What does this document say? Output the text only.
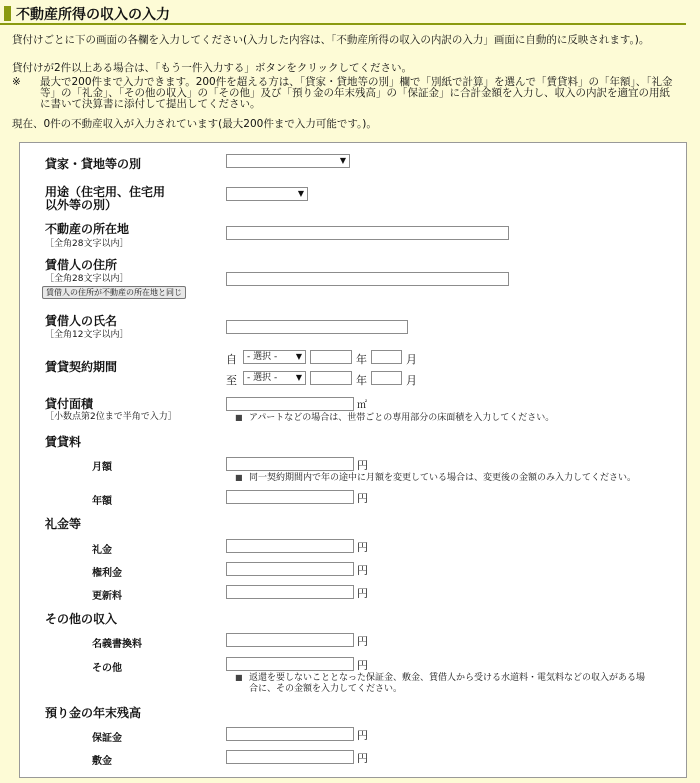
不動産所得の収入の入力
貸付けごとに下の画面の各欄を入力してください(入力した内容は、「不動産所得の収入の内訳の入力」画面に自動的に反映されます。)。
貸付けが2件以上ある場合は、「もう一件入力する」ボタンをクリックしてください。
※ 最大で200件まで入力できます。200件を超える方は、「貸家・貸地等の別」欄で「別紙で計算」を選んで「賃貸料」の「年額」、「礼金等」の「礼金」、「その他の収入」の「その他」及び「預り金の年末残高」の「保証金」に合計金額を入力し、収入の内訳を適宜の用紙に書いて決算書に添付して提出してください。
現在、0件の不動産収入が入力されています(最大200件まで入力可能です。)。
貸家・貸地等の別	▼
用途（住宅用、住宅用
以外等の別）
▼
不動産の所在地
［全角28文字以内］
賃借人の住所
［全角28文字以内］
賃借人の住所が不動産の所在地と同じ
賃借人の氏名
［全角12文字以内］
賃貸契約期間
自	- 選択 - ▼	年	月
至	- 選択 - ▼	年	月
貸付面積
［小数点第2位まで半角で入力］
㎡
■ アパートなどの場合は、世帯ごとの専用部分の床面積を入力してください。
賃貸料
月額	円
■ 同一契約期間内で年の途中に月額を変更している場合は、変更後の金額のみ入力してください。
年額	円
礼金等
礼金	円
権利金	円
更新料	円
その他の収入
名義書換料	円
その他	円
■ 返還を要しないこととなった保証金、敷金、賃借人から受ける水道料・電気料などの収入がある場
合に、その金額を入力してください。
預り金の年末残高
保証金	円
敷金	円
